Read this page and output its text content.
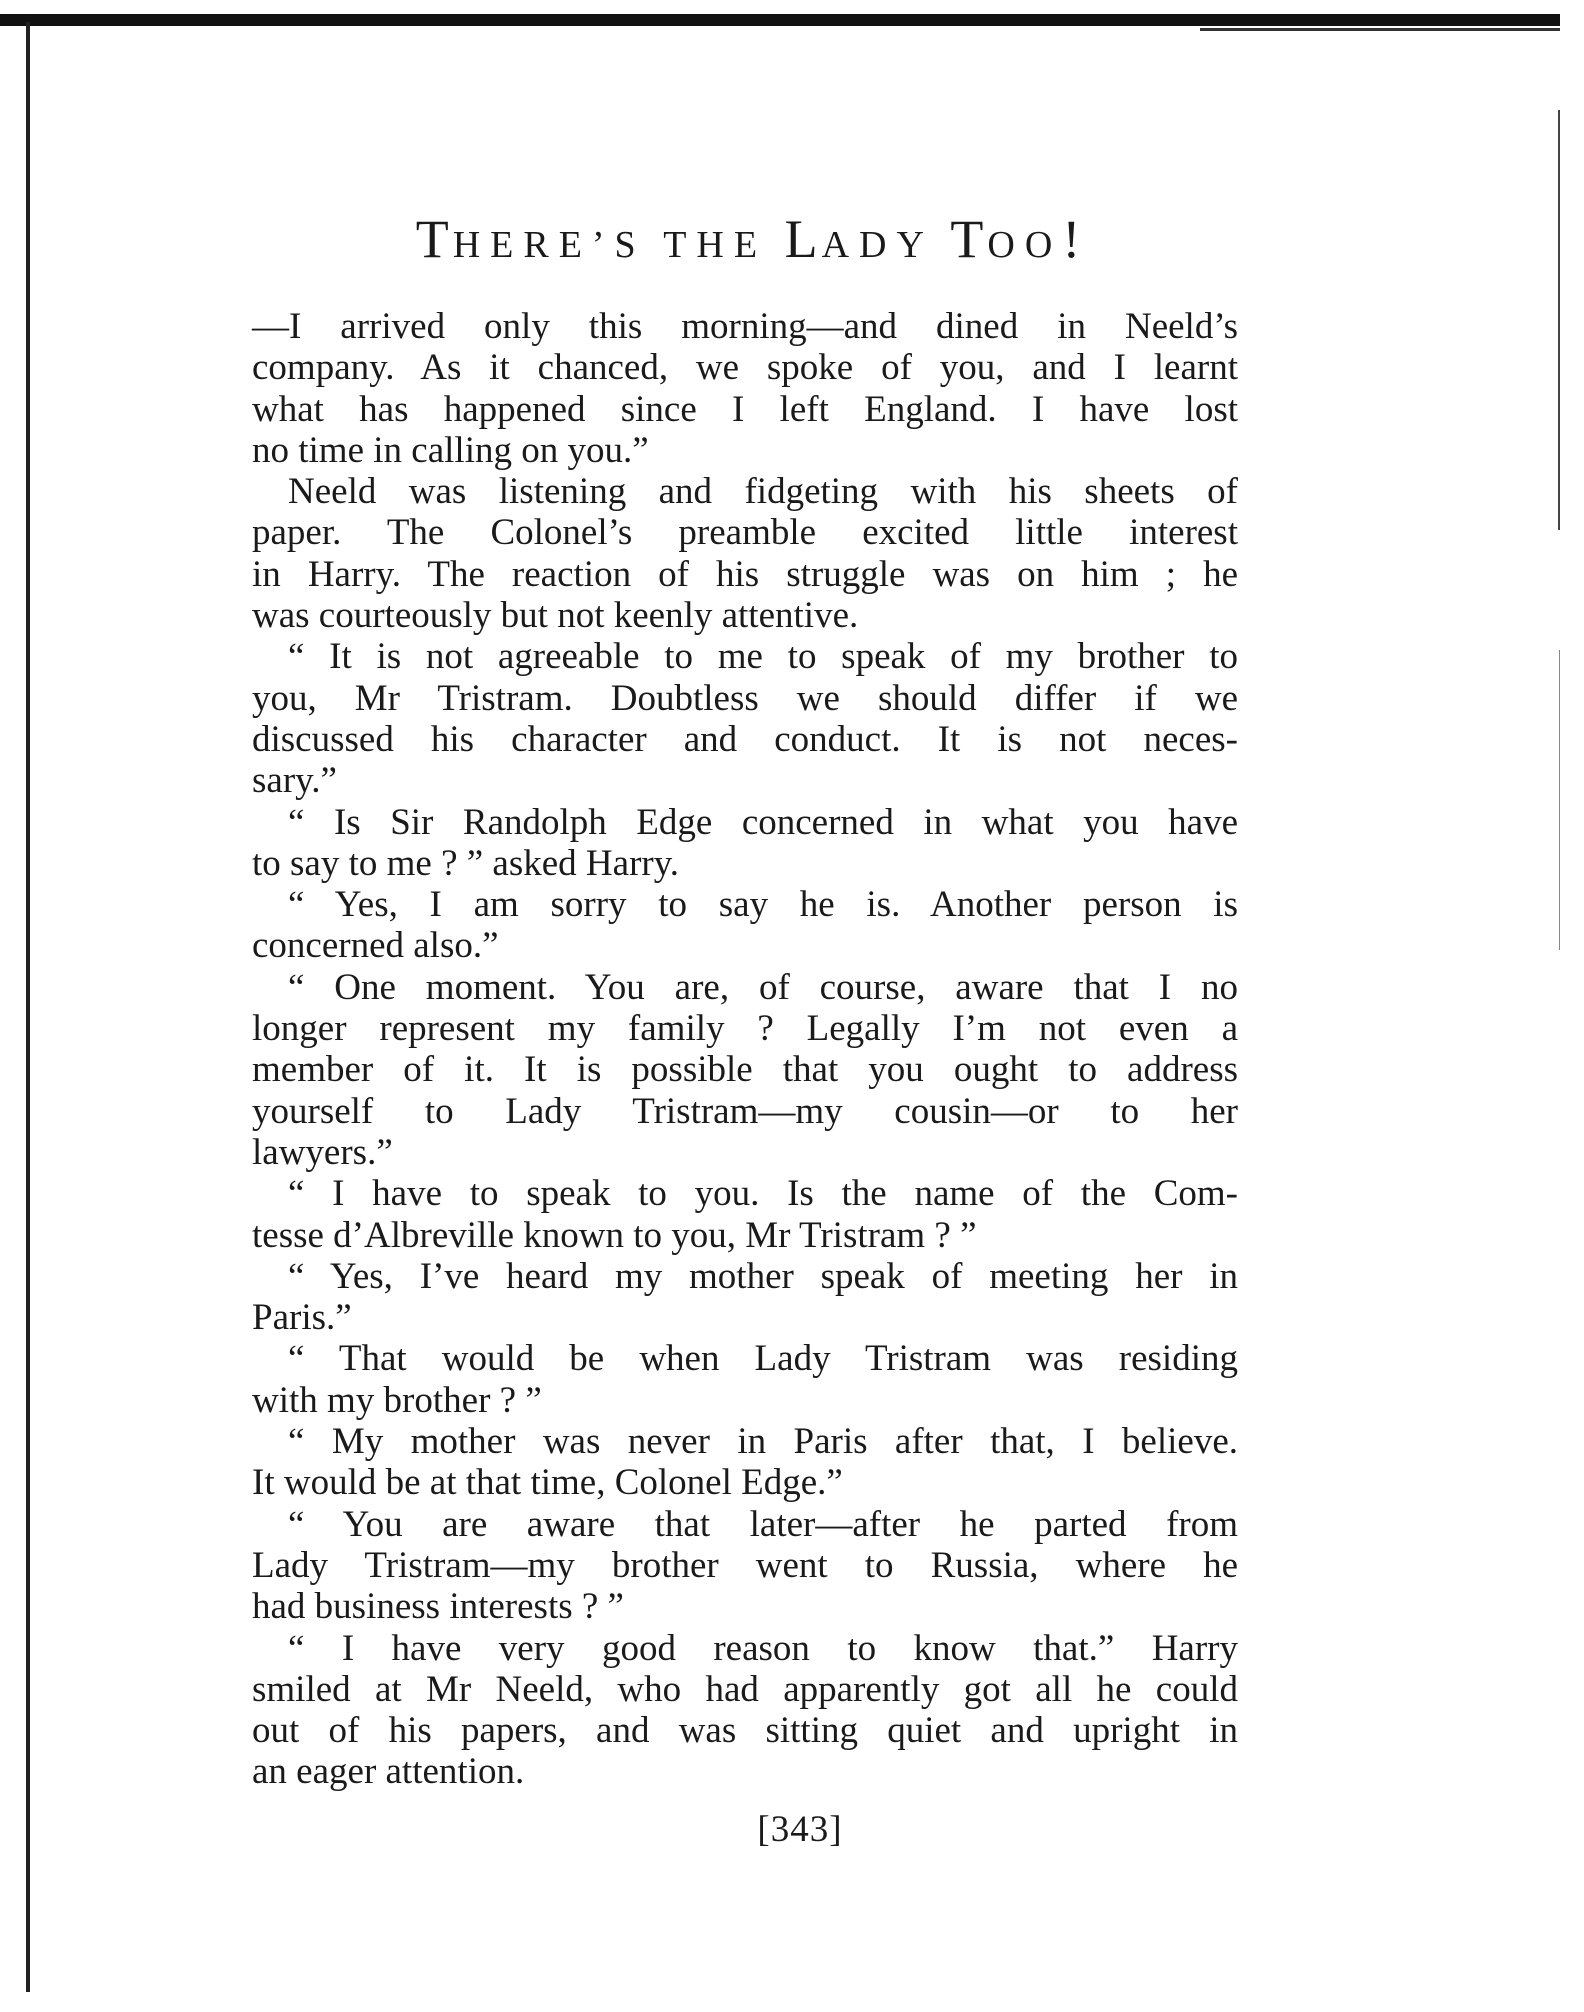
THERE’S THE LADY TOO!
—I arrived only this morning—and dined in Neeld’s
company. As it chanced, we spoke of you, and I learnt
what has happened since I left England. I have lost
no time in calling on you.”
Neeld was listening and fidgeting with his sheets of
paper. The Colonel’s preamble excited little interest
in Harry. The reaction of his struggle was on him ; he
was courteously but not keenly attentive.
“ It is not agreeable to me to speak of my brother to
you, Mr Tristram. Doubtless we should differ if we
discussed his character and conduct. It is not neces-
sary.”
“ Is Sir Randolph Edge concerned in what you have
to say to me ? ” asked Harry.
“ Yes, I am sorry to say he is. Another person is
concerned also.”
“ One moment. You are, of course, aware that I no
longer represent my family ? Legally I’m not even a
member of it. It is possible that you ought to address
yourself to Lady Tristram—my cousin—or to her
lawyers.”
“ I have to speak to you. Is the name of the Com-
tesse d’Albreville known to you, Mr Tristram ? ”
“ Yes, I’ve heard my mother speak of meeting her in
Paris.”
“ That would be when Lady Tristram was residing
with my brother ? ”
“ My mother was never in Paris after that, I believe.
It would be at that time, Colonel Edge.”
“ You are aware that later—after he parted from
Lady Tristram—my brother went to Russia, where he
had business interests ? ”
“ I have very good reason to know that.” Harry
smiled at Mr Neeld, who had apparently got all he could
out of his papers, and was sitting quiet and upright in
an eager attention.
[343]
